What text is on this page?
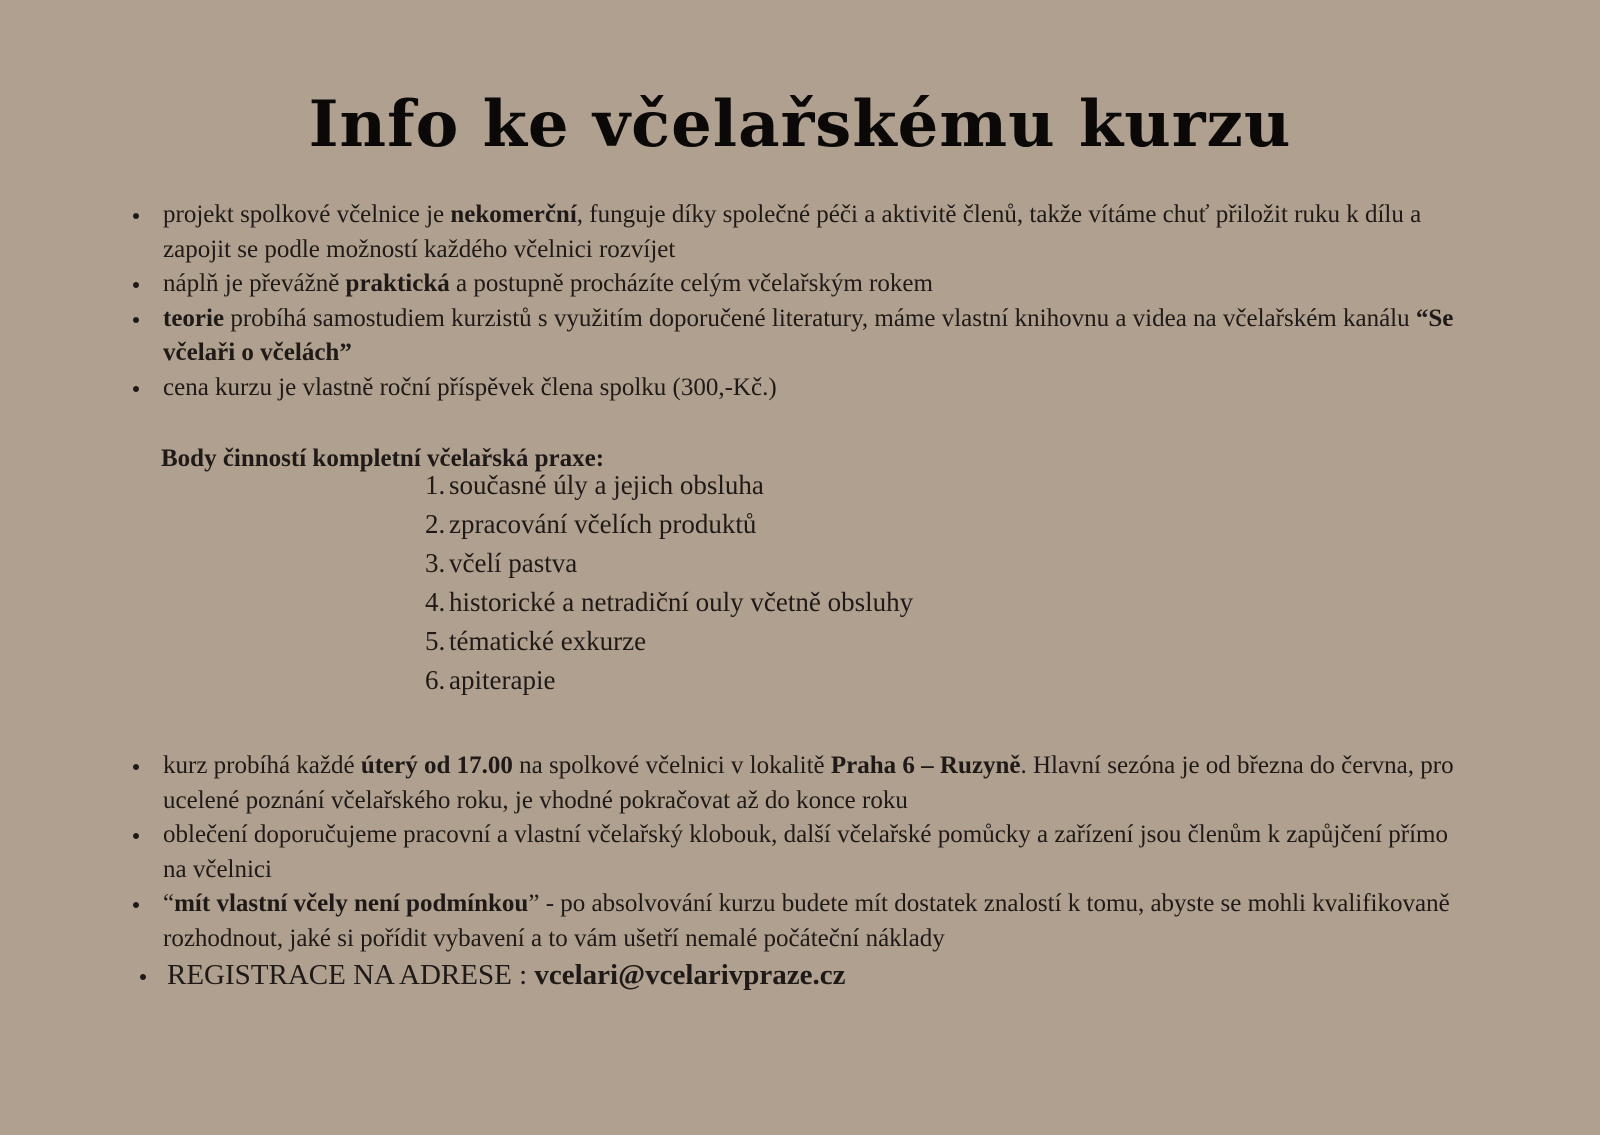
Info ke včelařskému kurzu
projekt spolkové včelnice je nekomerční, funguje díky společné péči a aktivitě členů, takže vítáme chuť přiložit ruku k dílu a zapojit se podle možností každého včelnici rozvíjet
náplň je převážně praktická a postupně procházíte celým včelařským rokem
teorie probíhá samostudiem kurzistů s využitím doporučené literatury, máme vlastní knihovnu a videa na včelařském kanálu “Se včelaři o včelách”
cena kurzu je vlastně roční příspěvek člena spolku (300,-Kč.)
Body činností kompletní včelařská praxe:
1. současné úly a jejich obsluha
2. zpracování včelích produktů
3. včelí pastva
4. historické a netradiční ouly včetně obsluhy
5. tématické exkurze
6. apiterapie
kurz probíhá každé úterý od 17.00 na spolkové včelnici v lokalitě Praha 6 – Ruzyně. Hlavní sezóna je od března do června, pro ucelené poznání včelařského roku, je vhodné pokračovat až do konce roku
oblečení doporučujeme pracovní a vlastní včelařský klobouk, další včelařské pomůcky a zařízení jsou členům k zapůjčení přímo na včelnici
“mít vlastní včely není podmínkou” - po absolvování kurzu budete mít dostatek znalostí k tomu, abyste se mohli kvalifikovaně rozhodnout, jaké si pořídit vybavení a to vám ušetří nemalé počáteční náklady
REGISTRACE NA ADRESE : vcelari@vcelarivpraze.cz
